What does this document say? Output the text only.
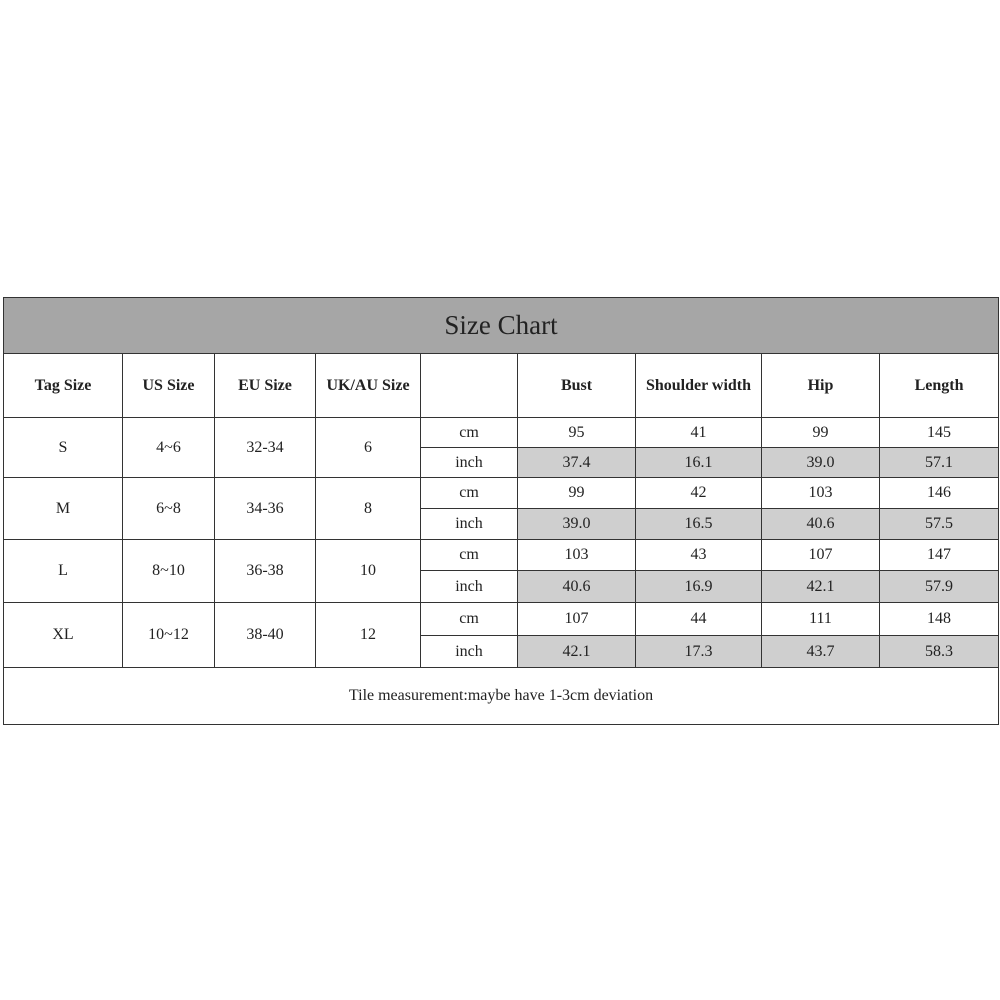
Size Chart								
Tag Size	US Size	EU Size	UK/AU Size		Bust	Shoulder width	Hip	Length
S	4~6	32-34	6	cm	95	41	99	145
				inch	37.4	16.1	39.0	57.1
M	6~8	34-36	8	cm	99	42	103	146
				inch	39.0	16.5	40.6	57.5
L	8~10	36-38	10	cm	103	43	107	147
				inch	40.6	16.9	42.1	57.9
XL	10~12	38-40	12	cm	107	44	111	148
				inch	42.1	17.3	43.7	58.3
Tile measurement:maybe have 1-3cm deviation								
